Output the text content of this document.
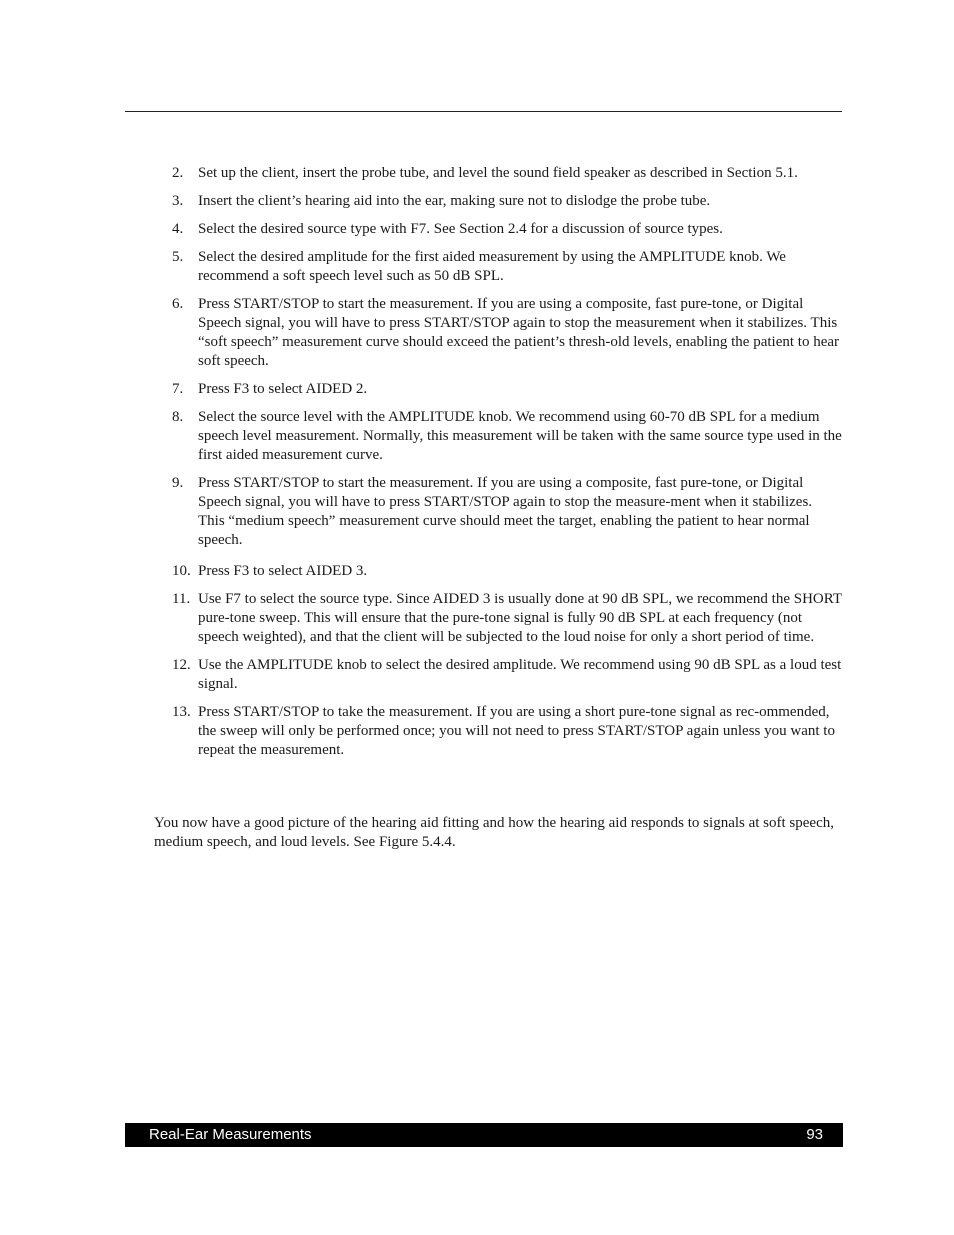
2. Set up the client, insert the probe tube, and level the sound field speaker as described in Section 5.1.
3. Insert the client’s hearing aid into the ear, making sure not to dislodge the probe tube.
4. Select the desired source type with F7. See Section 2.4 for a discussion of source types.
5. Select the desired amplitude for the first aided measurement by using the AMPLITUDE knob. We recommend a soft speech level such as 50 dB SPL.
6. Press START/STOP to start the measurement. If you are using a composite, fast pure-tone, or Digital Speech signal, you will have to press START/STOP again to stop the measurement when it stabilizes. This “soft speech” measurement curve should exceed the patient’s thresh-old levels, enabling the patient to hear soft speech.
7. Press F3 to select AIDED 2.
8. Select the source level with the AMPLITUDE knob. We recommend using 60-70 dB SPL for a medium speech level measurement. Normally, this measurement will be taken with the same source type used in the first aided measurement curve.
9. Press START/STOP to start the measurement. If you are using a composite, fast pure-tone, or Digital Speech signal, you will have to press START/STOP again to stop the measure-ment when it stabilizes. This “medium speech” measurement curve should meet the target, enabling the patient to hear normal speech.
10. Press F3 to select AIDED 3.
11. Use F7 to select the source type. Since AIDED 3 is usually done at 90 dB SPL, we recommend the SHORT pure-tone sweep. This will ensure that the pure-tone signal is fully 90 dB SPL at each frequency (not speech weighted), and that the client will be subjected to the loud noise for only a short period of time.
12. Use the AMPLITUDE knob to select the desired amplitude. We recommend using 90 dB SPL as a loud test signal.
13. Press START/STOP to take the measurement. If you are using a short pure-tone signal as rec-ommended, the sweep will only be performed once; you will not need to press START/STOP again unless you want to repeat the measurement.

You now have a good picture of the hearing aid fitting and how the hearing aid responds to signals at soft speech, medium speech, and loud levels. See Figure 5.4.4.

Real-Ear Measurements	93
